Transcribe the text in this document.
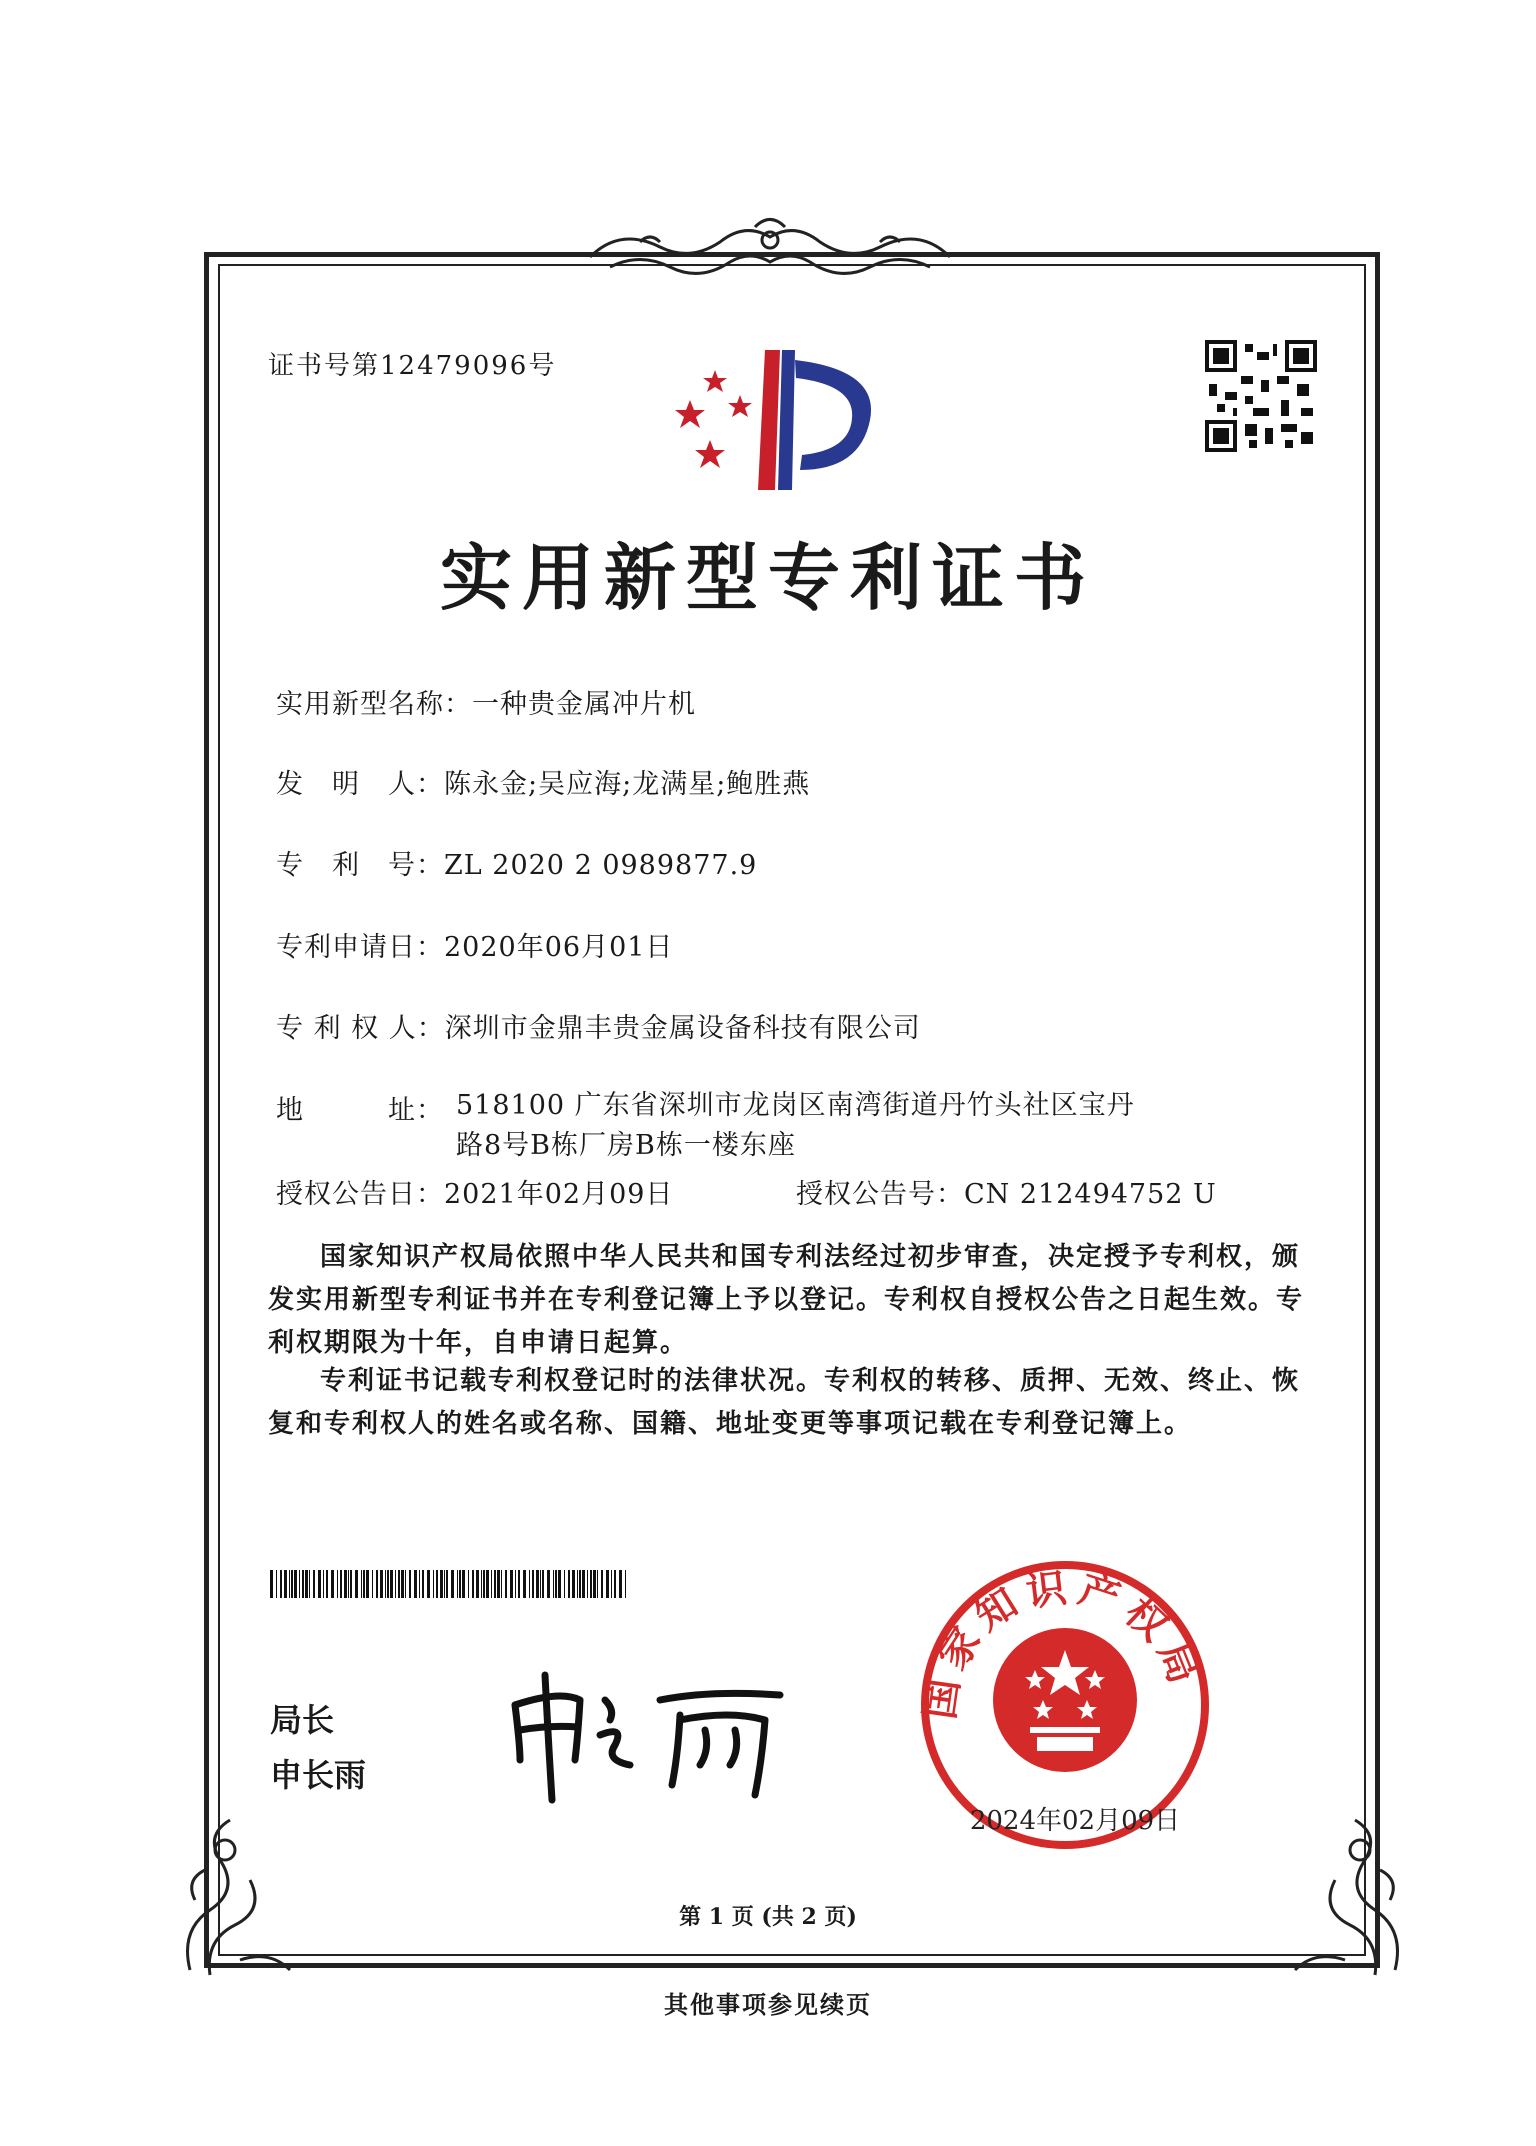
证书号第12479096号
实用新型专利证书
实用新型名称：一种贵金属冲片机
发　明　人：陈永金;吴应海;龙满星;鲍胜燕
专　利　号：ZL 2020 2 0989877.9
专利申请日：2020年06月01日
专 利 权 人：深圳市金鼎丰贵金属设备科技有限公司
地　　　址： 518100 广东省深圳市龙岗区南湾街道丹竹头社区宝丹路8号B栋厂房B栋一楼东座
授权公告日：2021年02月09日	授权公告号：CN 212494752 U
国家知识产权局依照中华人民共和国专利法经过初步审查，决定授予专利权，颁发实用新型专利证书并在专利登记簿上予以登记。专利权自授权公告之日起生效。专利权期限为十年，自申请日起算。
专利证书记载专利权登记时的法律状况。专利权的转移、质押、无效、终止、恢复和专利权人的姓名或名称、国籍、地址变更等事项记载在专利登记簿上。
局长
申长雨
国家知识产权局
2024年02月09日
第 1 页 (共 2 页)
其他事项参见续页
